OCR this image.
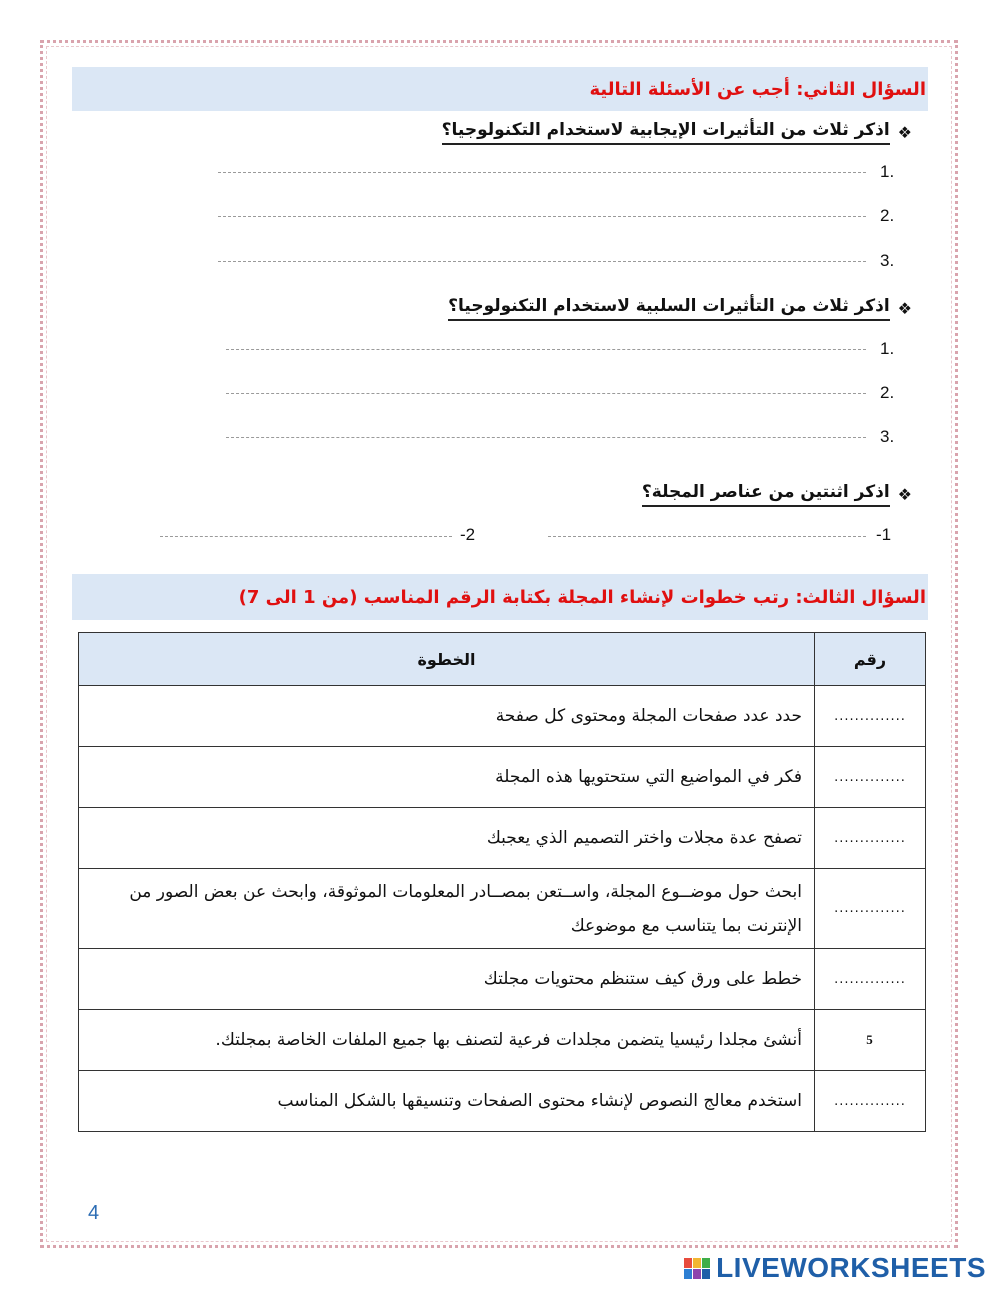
السؤال الثاني: أجب عن الأسئلة التالية
❖
اذكر ثلاث من التأثيرات الإيجابية لاستخدام التكنولوجيا؟
1.
2.
3.
❖
اذكر ثلاث من التأثيرات السلبية لاستخدام التكنولوجيا؟
1.
2.
3.
❖
اذكر اثنتين من عناصر المجلة؟
-1
-2
السؤال الثالث: رتب خطوات لإنشاء المجلة بكتابة الرقم المناسب (من 1 الى 7)
رقم	الخطوة
..............	حدد عدد صفحات المجلة ومحتوى كل صفحة
..............	فكر في المواضيع التي ستحتويها هذه المجلة
..............	تصفح عدة مجلات واختر التصميم الذي يعجبك
..............	ابحث حول موضــوع المجلة، واســتعن بمصــادر المعلومات الموثوقة، وابحث عن بعض الصور من الإنترنت بما يتناسب مع موضوعك
..............	خطط على ورق كيف ستنظم محتويات مجلتك
5	أنشئ مجلدا رئيسيا يتضمن مجلدات فرعية لتصنف بها جميع الملفات الخاصة بمجلتك.
..............	استخدم معالج النصوص لإنشاء محتوى الصفحات وتنسيقها بالشكل المناسب
4
LIVEWORKSHEETS
